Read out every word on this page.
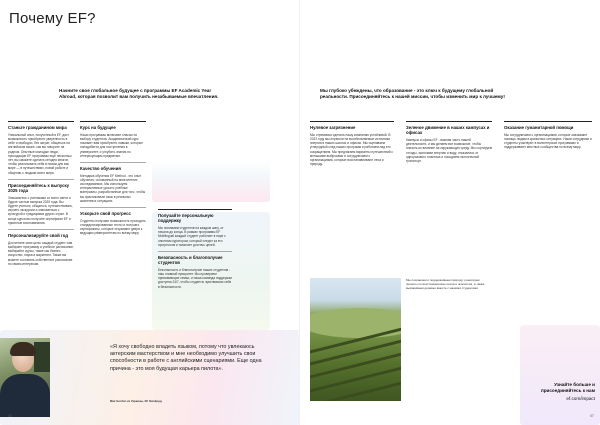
Почему EF?

Начните свое глобальное будущее с программы EF Academic Year Abroad, которая позволит вам получить незабываемые впечатления.

Станьте гражданином мира
Уникальный опыт, полученный в EF, даст возможность приобрести уверенность в себе и свободно, без затрат, общаться на английском языке, как вы говорите на родном. Опытные молодые люди, проходящие EF программы ещё несколько лет, вы сможете сделать сегодня многое, чтобы реализовать себя в новом для вас мире — в путешествиях, новой работе и общении с людьми всего мира.
Присоединяйтесь к выпуску 2025 года
Знакомьтесь с учениками со всего света и будьте частью выпуска 2025 года. Вы будете учиться, общаться, путешествовать, изучать экскурсии и знакомиться с культурой и традициями других стран. В конце курса вы получите сертификат EF и приятные воспоминания.
Персонализируйте свой год
Достигните свои цели: каждый студент сам выбирает программу и учебное расписание, выбирайте курсы, такие как бизнес, искусство, наука и маркетинг. Также вы можете составить собственное расписание по своим интересам.
Курс на будущее
Наши программы включают классы по выбору студентов. Академический курс поможет вам приобрести навыки, которые понадобятся для поступления в университет, и углубить знания по интересующим предметам.
Качество обучения
Методика обучения EF Method - это опыт обучения, основанный на многолетних исследованиях. Мы используем интерактивные уроки и учебные материалы, разработанные для того, чтобы вы практиковали язык в реальных жизненных ситуациях.
Ускорьте свой прогресс
Студенты получают возможность проходить стандартизированные тесты и получать сертификаты, которые открывают двери к ведущим университетам по всему миру.
Получайте персональную поддержку
Мы понимаем студентов на каждом шагу, от начала до конца. В рамках программы EF Multilingual каждый студент работает в паре с опытным куратором, который следит за его прогрессом и помогает достичь целей.
Безопасность и благополучие студентов
Безопасность и благополучие наших студентов - наш главный приоритет. Мы проверяем принимающие семьи, и наша команда поддержки доступна 24/7, чтобы студенты чувствовали себя в безопасности.

«Я хочу свободно владеть языком, потому что увлекаюсь актерским мастерством и мне необходимо улучшить свои способности в работе с английскими сценариями. Еще одна причина - это моя будущая карьера пилота».

Max Gordon из Украины, EF Оксфорд
06

Мы глубоко убеждены, что образование - это ключ к будущему глобальной реальности. Присоединяйтесь к нашей миссии, чтобы изменить мир к лучшему!

Нулевое загрязнение
Мы стремимся сделать нашу компанию устойчивой. В 2022 году мы перешли на возобновляемые источники энергии в наших школах и офисах. Мы оцениваем углеродный след наших программ и работаем над его сокращением. Мы предлагаем варианты путешествий с меньшими выбросами и сотрудничаем с организациями, которые восстанавливают леса и природу.
Зеленое движение в наших кампусах и офисах
Кампусы и офисы EF - важная часть нашей деятельности, и мы делаем все возможное, чтобы снизить их влияние на окружающую среду. Мы сортируем отходы, экономим энергию и воду, отказались от одноразового пластика и поощряем экологичный транспорт.
Оказание гуманитарной помощи
Мы сотрудничаем с организациями, которые оказывают помощь людям в кризисных ситуациях. Наши сотрудники и студенты участвуют в волонтерских программах и поддерживают местные сообщества по всему миру.

Мы сохраняем и поддерживаем природу: реализуем проекты по восстановлению лесов и экосистем, а также высаживаем деревья вместе с нашими студентами.

Узнайте больше и
присоединяйтесь к нам
ef.com/impact
07
